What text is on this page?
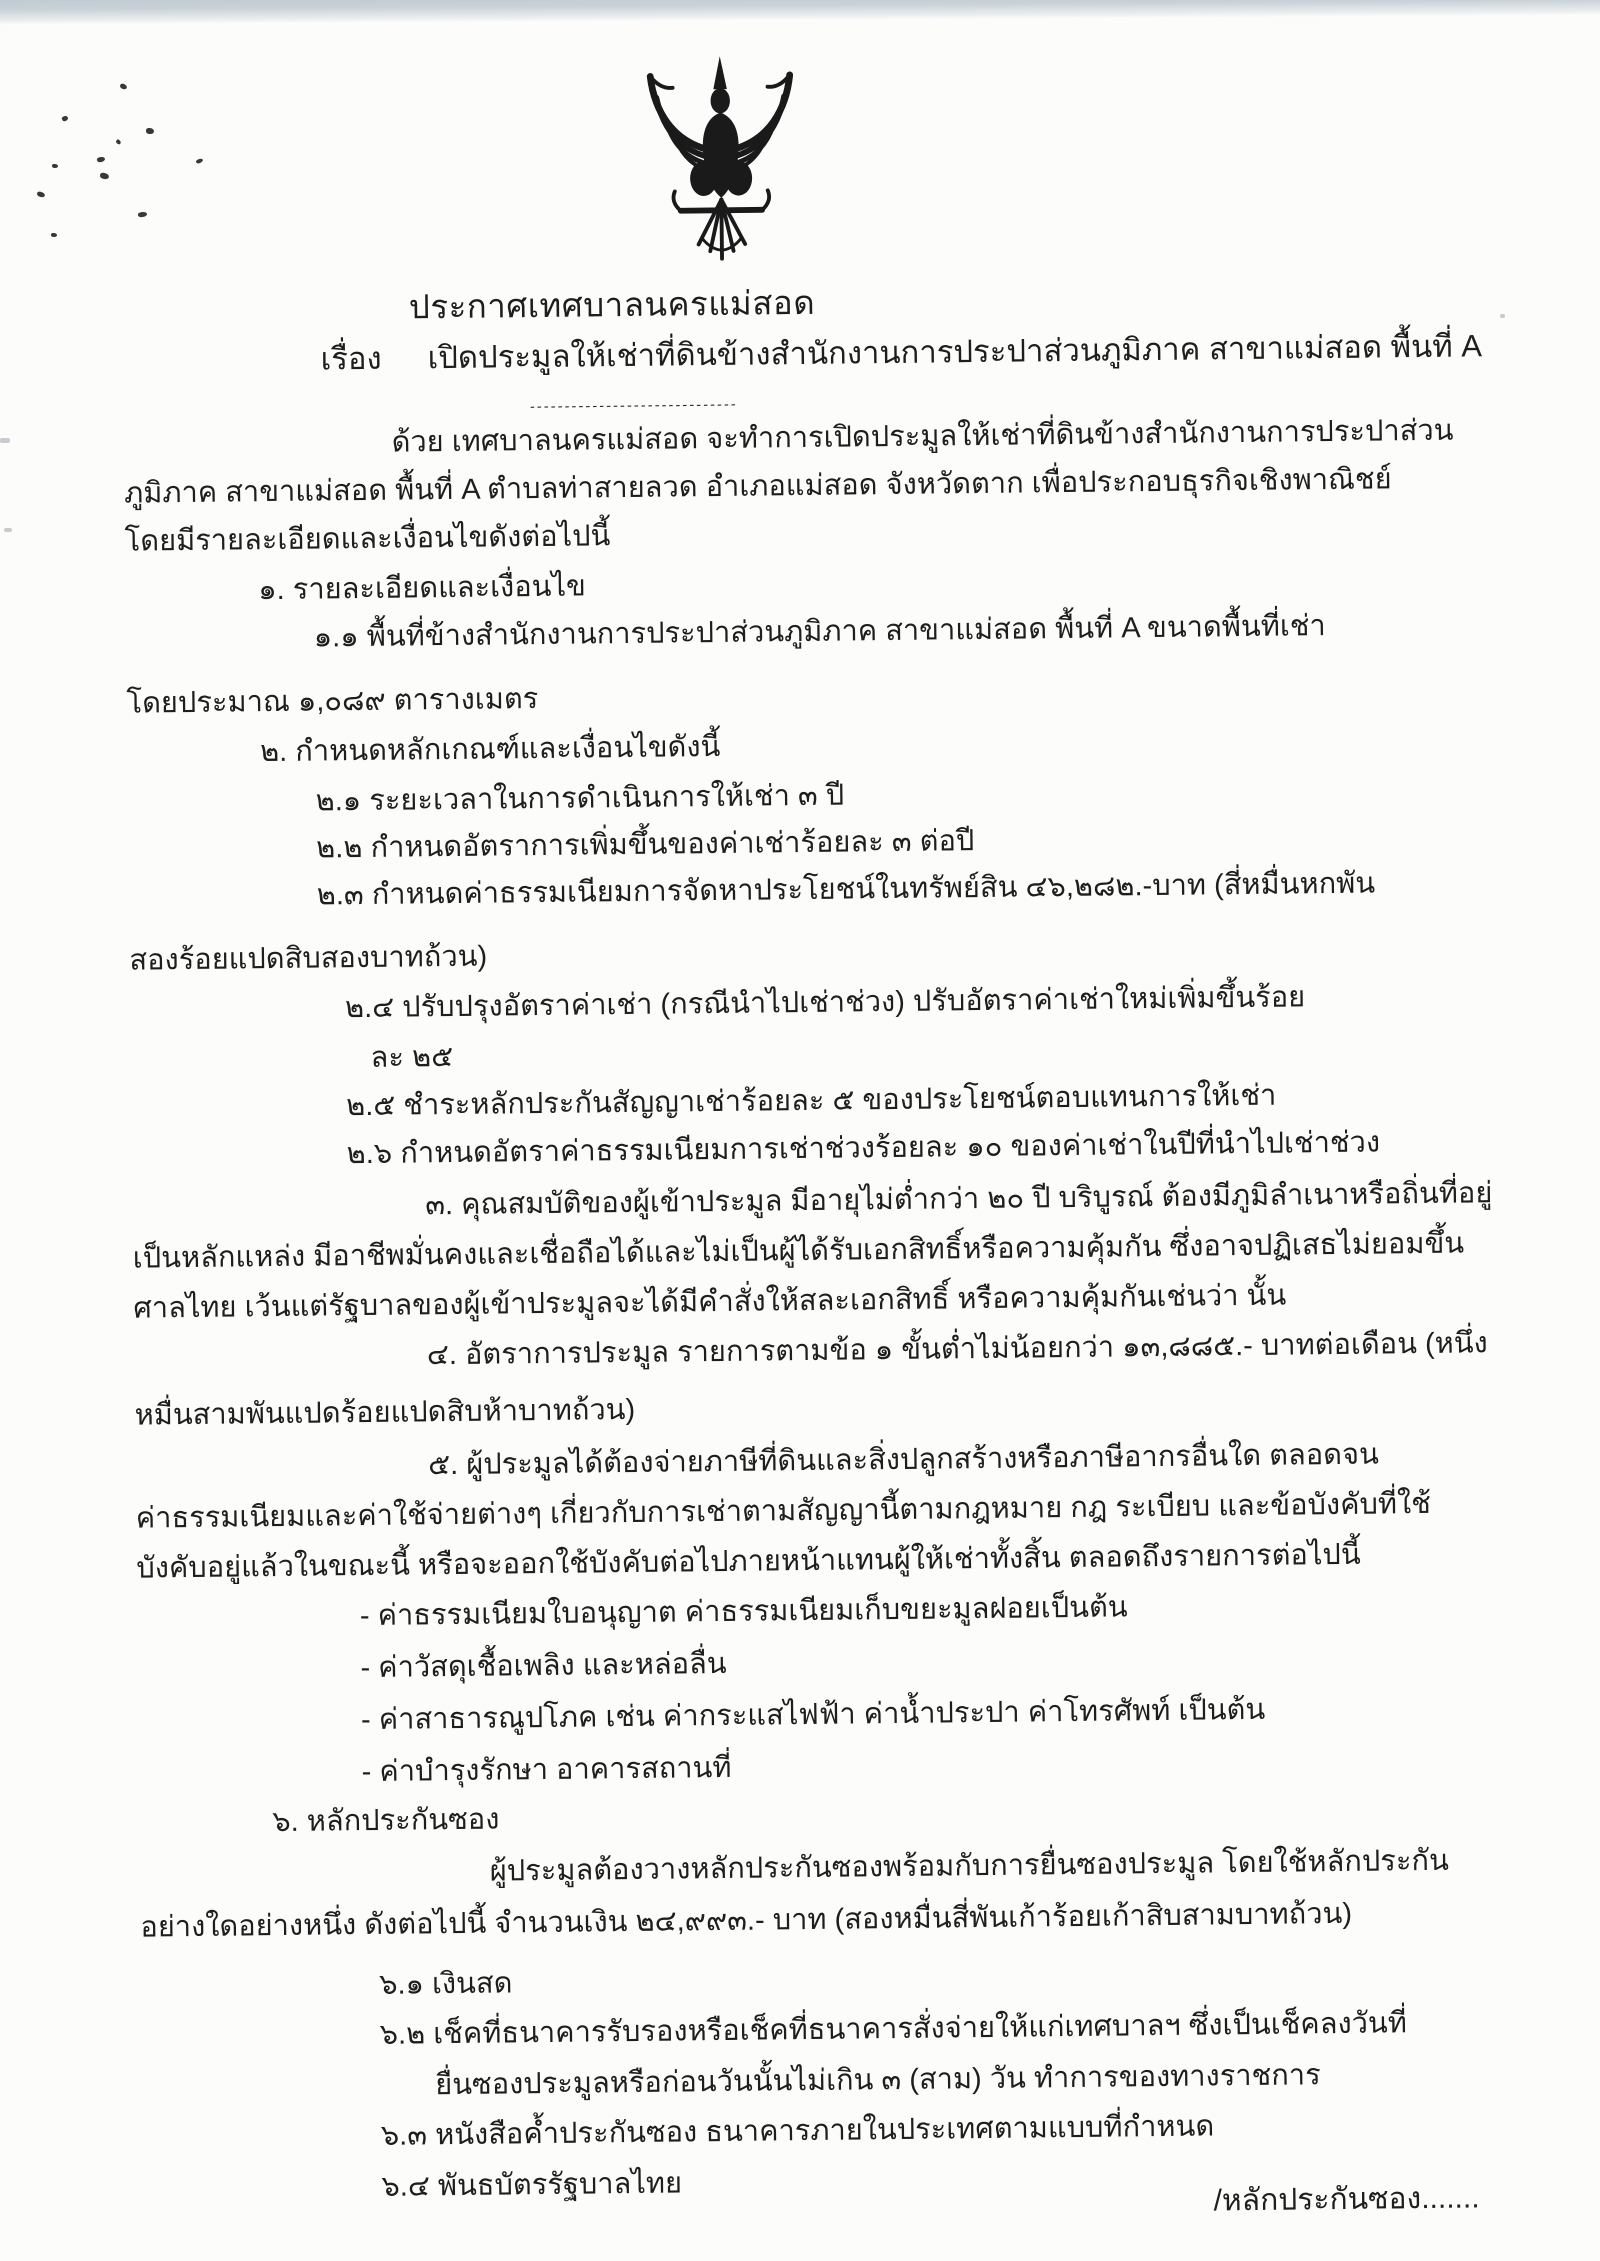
ประกาศเทศบาลนครแม่สอด
เรื่อง เปิดประมูลให้เช่าที่ดินข้างสำนักงานการประปาส่วนภูมิภาค สาขาแม่สอด พื้นที่ A
------------------------------
ด้วย เทศบาลนครแม่สอด จะทำการเปิดประมูลให้เช่าที่ดินข้างสำนักงานการประปาส่วน
ภูมิภาค สาขาแม่สอด พื้นที่ A ตำบลท่าสายลวด อำเภอแม่สอด จังหวัดตาก เพื่อประกอบธุรกิจเชิงพาณิชย์
โดยมีรายละเอียดและเงื่อนไขดังต่อไปนี้
๑. รายละเอียดและเงื่อนไข
๑.๑ พื้นที่ข้างสำนักงานการประปาส่วนภูมิภาค สาขาแม่สอด พื้นที่ A ขนาดพื้นที่เช่า
โดยประมาณ ๑,๐๘๙ ตารางเมตร
๒. กำหนดหลักเกณฑ์และเงื่อนไขดังนี้
๒.๑ ระยะเวลาในการดำเนินการให้เช่า ๓ ปี
๒.๒ กำหนดอัตราการเพิ่มขึ้นของค่าเช่าร้อยละ ๓ ต่อปี
๒.๓ กำหนดค่าธรรมเนียมการจัดหาประโยชน์ในทรัพย์สิน ๔๖,๒๘๒.-บาท (สี่หมื่นหกพัน
สองร้อยแปดสิบสองบาทถ้วน)
๒.๔ ปรับปรุงอัตราค่าเช่า (กรณีนำไปเช่าช่วง) ปรับอัตราค่าเช่าใหม่เพิ่มขึ้นร้อย
ละ ๒๕
๒.๕ ชำระหลักประกันสัญญาเช่าร้อยละ ๕ ของประโยชน์ตอบแทนการให้เช่า
๒.๖ กำหนดอัตราค่าธรรมเนียมการเช่าช่วงร้อยละ ๑๐ ของค่าเช่าในปีที่นำไปเช่าช่วง
๓. คุณสมบัติของผู้เข้าประมูล มีอายุไม่ต่ำกว่า ๒๐ ปี บริบูรณ์ ต้องมีภูมิลำเนาหรือถิ่นที่อยู่
เป็นหลักแหล่ง มีอาชีพมั่นคงและเชื่อถือได้และไม่เป็นผู้ได้รับเอกสิทธิ์หรือความคุ้มกัน ซึ่งอาจปฏิเสธไม่ยอมขึ้น
ศาลไทย เว้นแต่รัฐบาลของผู้เข้าประมูลจะได้มีคำสั่งให้สละเอกสิทธิ์ หรือความคุ้มกันเช่นว่า นั้น
๔. อัตราการประมูล รายการตามข้อ ๑ ขั้นต่ำไม่น้อยกว่า ๑๓,๘๘๕.- บาทต่อเดือน (หนึ่ง
หมื่นสามพันแปดร้อยแปดสิบห้าบาทถ้วน)
๕. ผู้ประมูลได้ต้องจ่ายภาษีที่ดินและสิ่งปลูกสร้างหรือภาษีอากรอื่นใด ตลอดจน
ค่าธรรมเนียมและค่าใช้จ่ายต่างๆ เกี่ยวกับการเช่าตามสัญญานี้ตามกฎหมาย กฎ ระเบียบ และข้อบังคับที่ใช้
บังคับอยู่แล้วในขณะนี้ หรือจะออกใช้บังคับต่อไปภายหน้าแทนผู้ให้เช่าทั้งสิ้น ตลอดถึงรายการต่อไปนี้
- ค่าธรรมเนียมใบอนุญาต ค่าธรรมเนียมเก็บขยะมูลฝอยเป็นต้น
- ค่าวัสดุเชื้อเพลิง และหล่อลื่น
- ค่าสาธารณูปโภค เช่น ค่ากระแสไฟฟ้า ค่าน้ำประปา ค่าโทรศัพท์ เป็นต้น
- ค่าบำรุงรักษา อาคารสถานที่
๖. หลักประกันซอง
ผู้ประมูลต้องวางหลักประกันซองพร้อมกับการยื่นซองประมูล โดยใช้หลักประกัน
อย่างใดอย่างหนึ่ง ดังต่อไปนี้ จำนวนเงิน ๒๔,๙๙๓.- บาท (สองหมื่นสี่พันเก้าร้อยเก้าสิบสามบาทถ้วน)
๖.๑ เงินสด
๖.๒ เช็คที่ธนาคารรับรองหรือเช็คที่ธนาคารสั่งจ่ายให้แก่เทศบาลฯ ซึ่งเป็นเช็คลงวันที่
ยื่นซองประมูลหรือก่อนวันนั้นไม่เกิน ๓ (สาม) วัน ทำการของทางราชการ
๖.๓ หนังสือค้ำประกันซอง ธนาคารภายในประเทศตามแบบที่กำหนด
๖.๔ พันธบัตรรัฐบาลไทย	/หลักประกันซอง.......
